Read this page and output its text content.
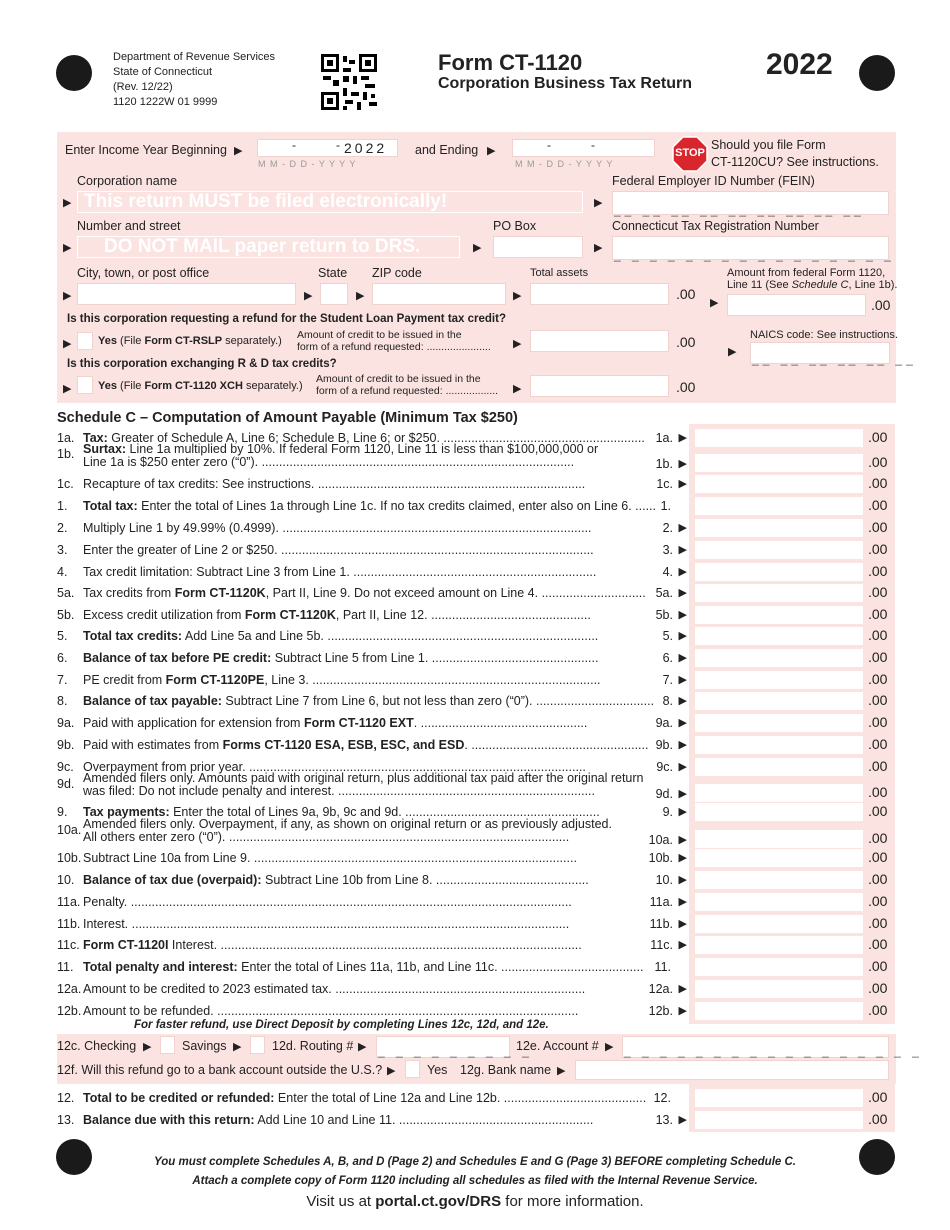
Department of Revenue Services
State of Connecticut
(Rev. 12/22)
1120 1222W 01 9999
Form CT-1120
Corporation Business Tax Return
2022
Enter Income Year Beginning ▶	-            - 2022
M M - D D - Y Y Y Y
and Ending ▶	-            -
M M - D D - Y Y Y Y
STOP
Should you file Form
CT-1120CU? See instructions.
Corporation name	Federal Employer ID Number (FEIN)
▶ This return MUST be filed electronically!	▶ __ __ __ __ __ __ __ __ __
Number and street	PO Box	Connecticut Tax Registration Number
▶ DO NOT MAIL paper return to DRS.	▶	▶ _ _ _ _ _ _ _ _ _ _ _ _ _ _ _ _
City, town, or post office	State ZIP code	Total assets	Amount from federal Form 1120,
Line 11 (See Schedule C, Line 1b).
▶	▶	▶	▶	.00
▶	.00
Is this corporation requesting a refund for the Student Loan Payment tax credit?
▶ Yes (File Form CT-RSLP separately.) Amount of credit to be issued in the
form of a refund requested: ...................... ▶	.00	NAICS code: See instructions.
▶ __ __ __ __ __ __
Is this corporation exchanging R & D tax credits?
▶ Yes (File Form CT-1120 XCH separately.)
Amount of credit to be issued in the
form of a refund requested: .................. ▶	.00
Schedule C – Computation of Amount Payable (Minimum Tax $250)
1a. Tax: Greater of Schedule A, Line 6; Schedule B, Line 6; or $250. .......................................................... 1a. ▶	.00
1b. Surtax: Line 1a multiplied by 10%. If federal Form 1120, Line 11 is less than $100,000,000 or
Line 1a is $250 enter zero (“0”). ..........................................................................................	1b. ▶	.00
1c. Recapture of tax credits: See instructions. .............................................................................	1c. ▶	.00
1. Total tax: Enter the total of Lines 1a through Line 1c. If no tax credits claimed, enter also on Line 6. ...... 1.	.00
2. Multiply Line 1 by 49.99% (0.4999). .........................................................................................	2. ▶	.00
3. Enter the greater of Line 2 or $250. ..........................................................................................	3. ▶	.00
4. Tax credit limitation: Subtract Line 3 from Line 1. ......................................................................	4. ▶	.00
5a. Tax credits from Form CT-1120K, Part II, Line 9. Do not exceed amount on Line 4. .............................. 5a. ▶	.00
5b. Excess credit utilization from Form CT-1120K, Part II, Line 12. ..............................................	5b. ▶	.00
5. Total tax credits: Add Line 5a and Line 5b. ..............................................................................	5. ▶	.00
6. Balance of tax before PE credit: Subtract Line 5 from Line 1. ................................................	6. ▶	.00
7. PE credit from Form CT-1120PE, Line 3. ...................................................................................	7. ▶	.00
8. Balance of tax payable: Subtract Line 7 from Line 6, but not less than zero (“0”). .................................. 8. ▶	.00
9a. Paid with application for extension from Form CT-1120 EXT. ................................................	9a. ▶	.00
9b. Paid with estimates from Forms CT-1120 ESA, ESB, ESC, and ESD. ................................................... 9b. ▶	.00
9c. Overpayment from prior year. .................................................................................................	9c. ▶	.00
9d. Amended filers only. Amounts paid with original return, plus additional tax paid after the original return
was filed: Do not include penalty and interest. ..........................................................................	9d. ▶	.00
9. Tax payments: Enter the total of Lines 9a, 9b, 9c and 9d. ........................................................	9. ▶	.00
10a. Amended filers only. Overpayment, if any, as shown on original return or as previously adjusted.
All others enter zero (“0”). ..................................................................................................	10a. ▶	.00
10b. Subtract Line 10a from Line 9. .............................................................................................	10b. ▶	.00
10. Balance of tax due (overpaid): Subtract Line 10b from Line 8. ............................................	10. ▶	.00
11a. Penalty. ...............................................................................................................................	11a. ▶	.00
11b. Interest. ..............................................................................................................................	11b. ▶	.00
11c. Form CT-1120I Interest. ........................................................................................................	11c. ▶	.00
11. Total penalty and interest: Enter the total of Lines 11a, 11b, and Line 11c. ......................................... 11.	.00
12a. Amount to be credited to 2023 estimated tax. ........................................................................	12a. ▶	.00
12b. Amount to be refunded. ........................................................................................................	12b. ▶	.00
For faster refund, use Direct Deposit by completing Lines 12c, 12d, and 12e.
12c. Checking ▶ Savings ▶ 12d. Routing # ▶ _ _ _ _ _ _ _ _ _
12e. Account # ▶ _ _ _ _ _ _ _ _ _ _ _ _ _ _ _ _ _
12f. Will this refund go to a bank account outside the U.S.? ▶	Yes 12g. Bank name ▶
12. Total to be credited or refunded: Enter the total of Line 12a and Line 12b. ......................................... 12.	.00
13. Balance due with this return: Add Line 10 and Line 11. ........................................................	13. ▶	.00
You must complete Schedules A, B, and D (Page 2) and Schedules E and G (Page 3) BEFORE completing Schedule C.
Attach a complete copy of Form 1120 including all schedules as filed with the Internal Revenue Service.
Visit us at portal.ct.gov/DRS for more information.
